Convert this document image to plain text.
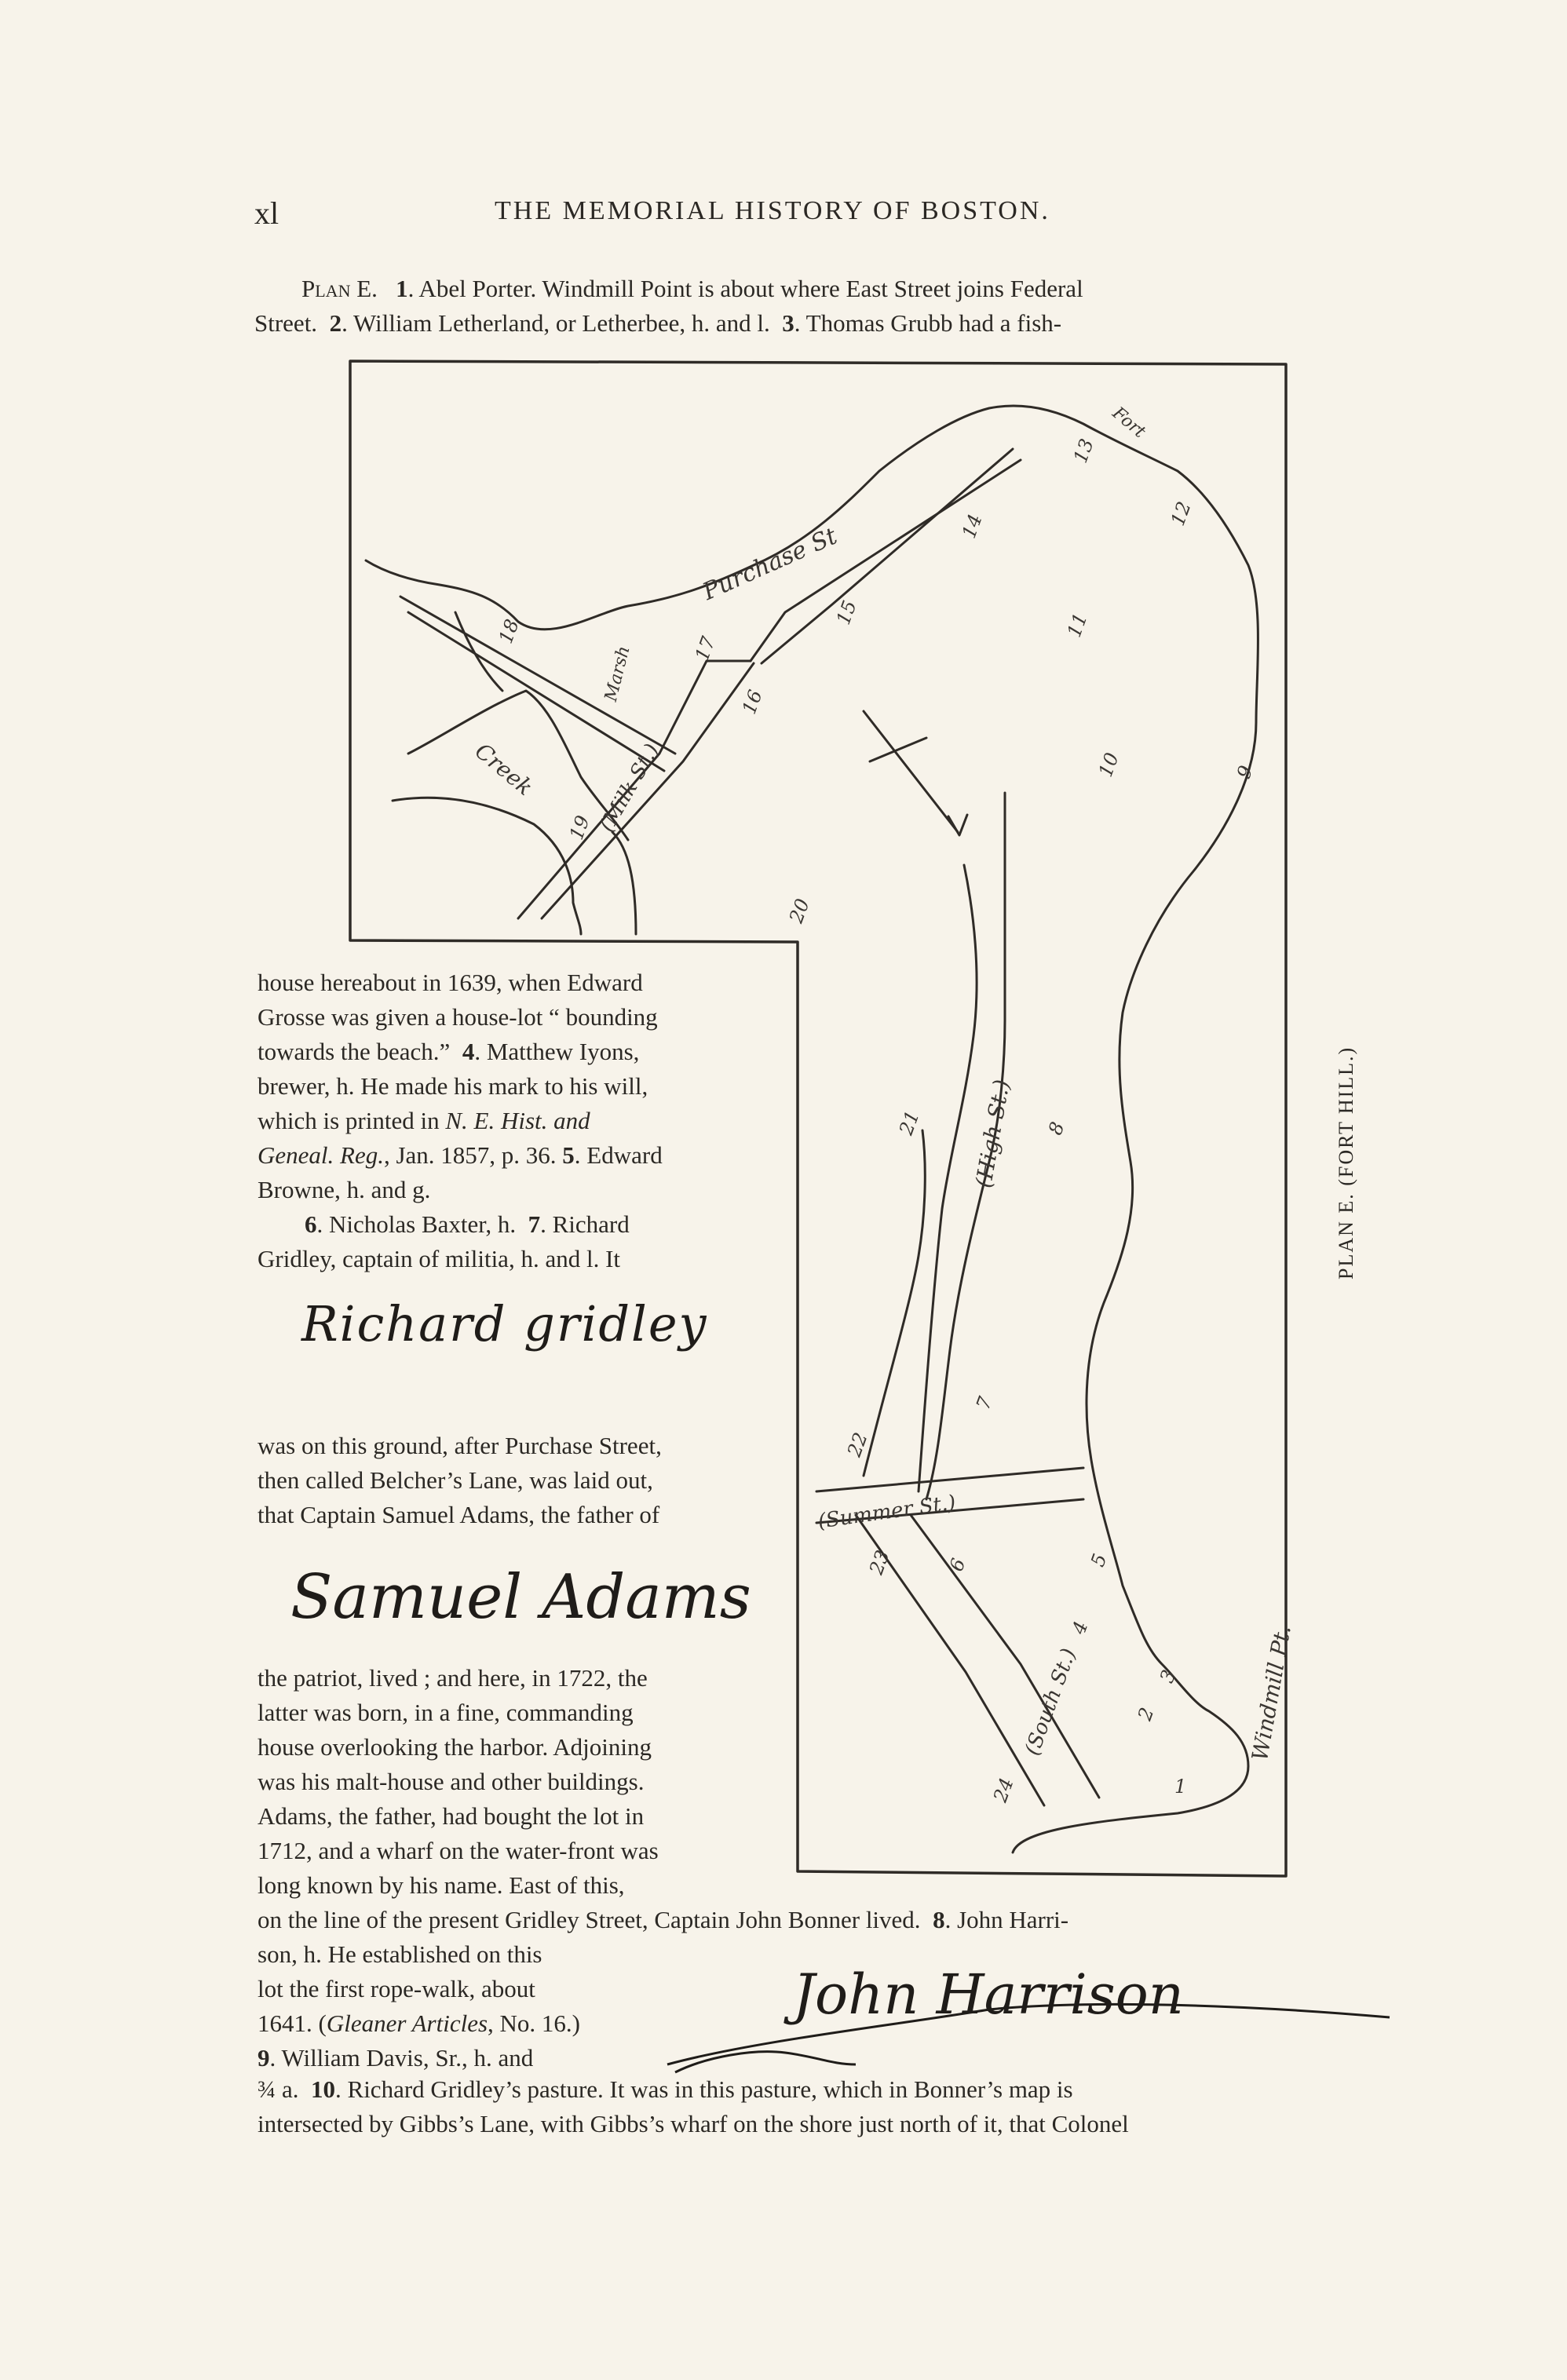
xl	THE MEMORIAL HISTORY OF BOSTON.
Plan E. 1. Abel Porter. Windmill Point is about where East Street joins Federal
Street.  2. William Letherland, or Letherbee, h. and l.  3. Thomas Grubb had a fish-
Purchase St
Creek	(Milk St.)
Marsh
(High St.)
(Summer St.)
(South St.)	Windmill Pt.
Fort
1
2
3
4
5
6
7
8
9
10
11
12
13
14
15
16
17
18
19
20
21
22
23
24
PLAN E. (FORT HILL.)
house hereabout in 1639, when Edward
Grosse was given a house-lot “ bounding
towards the beach.”  4. Matthew Iyons,
brewer, h. He made his mark to his will,
which is printed in N. E. Hist. and
Geneal. Reg., Jan. 1857, p. 36. 5. Edward
Browne, h. and g.
6. Nicholas Baxter, h.  7. Richard
Gridley, captain of militia, h. and l. It
Richard gridley
was on this ground, after Purchase Street,
then called Belcher’s Lane, was laid out,
that Captain Samuel Adams, the father of
Samuel Adams
the patriot, lived ; and here, in 1722, the
latter was born, in a fine, commanding
house overlooking the harbor. Adjoining
was his malt-house and other buildings.
Adams, the father, had bought the lot in
1712, and a wharf on the water-front was
long known by his name. East of this,
on the line of the present Gridley Street, Captain John Bonner lived.  8. John Harri-
son, h. He established on this
lot the first rope-walk, about
1641. (Gleaner Articles, No. 16.)
9. William Davis, Sr., h. and
John Harrison
¾ a.  10. Richard Gridley’s pasture. It was in this pasture, which in Bonner’s map is
intersected by Gibbs’s Lane, with Gibbs’s wharf on the shore just north of it, that Colonel
